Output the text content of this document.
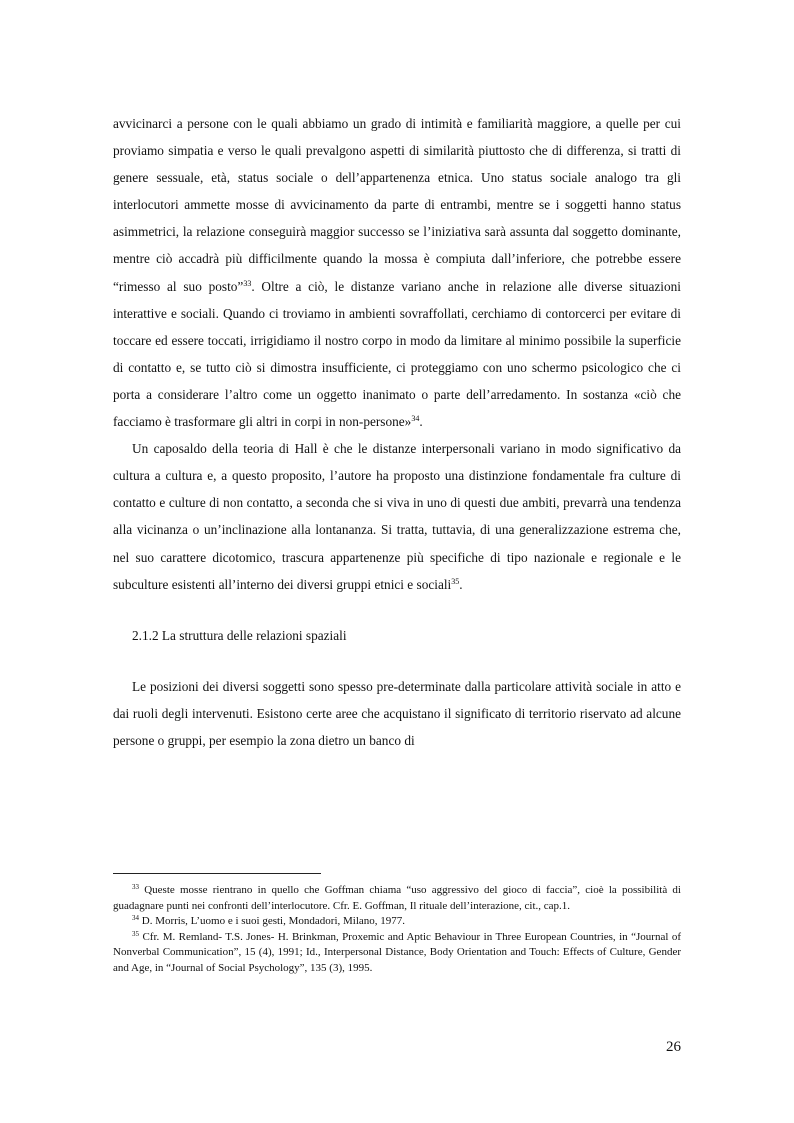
avvicinarci a persone con le quali abbiamo un grado di intimità e familiarità maggiore, a quelle per cui proviamo simpatia e verso le quali prevalgono aspetti di similarità piuttosto che di differenza, si tratti di genere sessuale, età, status sociale o dell’appartenenza etnica. Uno status sociale analogo tra gli interlocutori ammette mosse di avvicinamento da parte di entrambi, mentre se i soggetti hanno status asimmetrici, la relazione conseguirà maggior successo se l’iniziativa sarà assunta dal soggetto dominante, mentre ciò accadrà più difficilmente quando la mossa è compiuta dall’inferiore, che potrebbe essere “rimesso al suo posto”$^{33}$. Oltre a ciò, le distanze variano anche in relazione alle diverse situazioni interattive e sociali. Quando ci troviamo in ambienti sovraffollati, cerchiamo di contorcerci per evitare di toccare ed essere toccati, irrigidiamo il nostro corpo in modo da limitare al minimo possibile la superficie di contatto e, se tutto ciò si dimostra insufficiente, ci proteggiamo con uno schermo psicologico che ci porta a considerare l’altro come un oggetto inanimato o parte dell’arredamento. In sostanza «ciò che facciamo è trasformare gli altri in corpi in non-persone»$^{34}$.

Un caposaldo della teoria di Hall è che le distanze interpersonali variano in modo significativo da cultura a cultura e, a questo proposito, l’autore ha proposto una distinzione fondamentale fra culture di contatto e culture di non contatto, a seconda che si viva in uno di questi due ambiti, prevarrà una tendenza alla vicinanza o un’inclinazione alla lontananza. Si tratta, tuttavia, di una generalizzazione estrema che, nel suo carattere dicotomico, trascura appartenenze più specifiche di tipo nazionale e regionale e le subculture esistenti all’interno dei diversi gruppi etnici e sociali$^{35}$.

2.1.2 La struttura delle relazioni spaziali

Le posizioni dei diversi soggetti sono spesso pre-determinate dalla particolare attività sociale in atto e dai ruoli degli intervenuti. Esistono certe aree che acquistano il significato di territorio riservato ad alcune persone o gruppi, per esempio la zona dietro un banco di

$^{33}$ Queste mosse rientrano in quello che Goffman chiama “uso aggressivo del gioco di faccia”, cioè la possibilità di guadagnare punti nei confronti dell’interlocutore. Cfr. E. Goffman, Il rituale dell’interazione, cit., cap.1.

$^{34}$ D. Morris, L’uomo e i suoi gesti, Mondadori, Milano, 1977.

$^{35}$ Cfr. M. Remland- T.S. Jones- H. Brinkman, Proxemic and Aptic Behaviour in Three European Countries, in “Journal of Nonverbal Communication”, 15 (4), 1991; Id., Interpersonal Distance, Body Orientation and Touch: Effects of Culture, Gender and Age, in “Journal of Social Psychology”, 135 (3), 1995.

26
